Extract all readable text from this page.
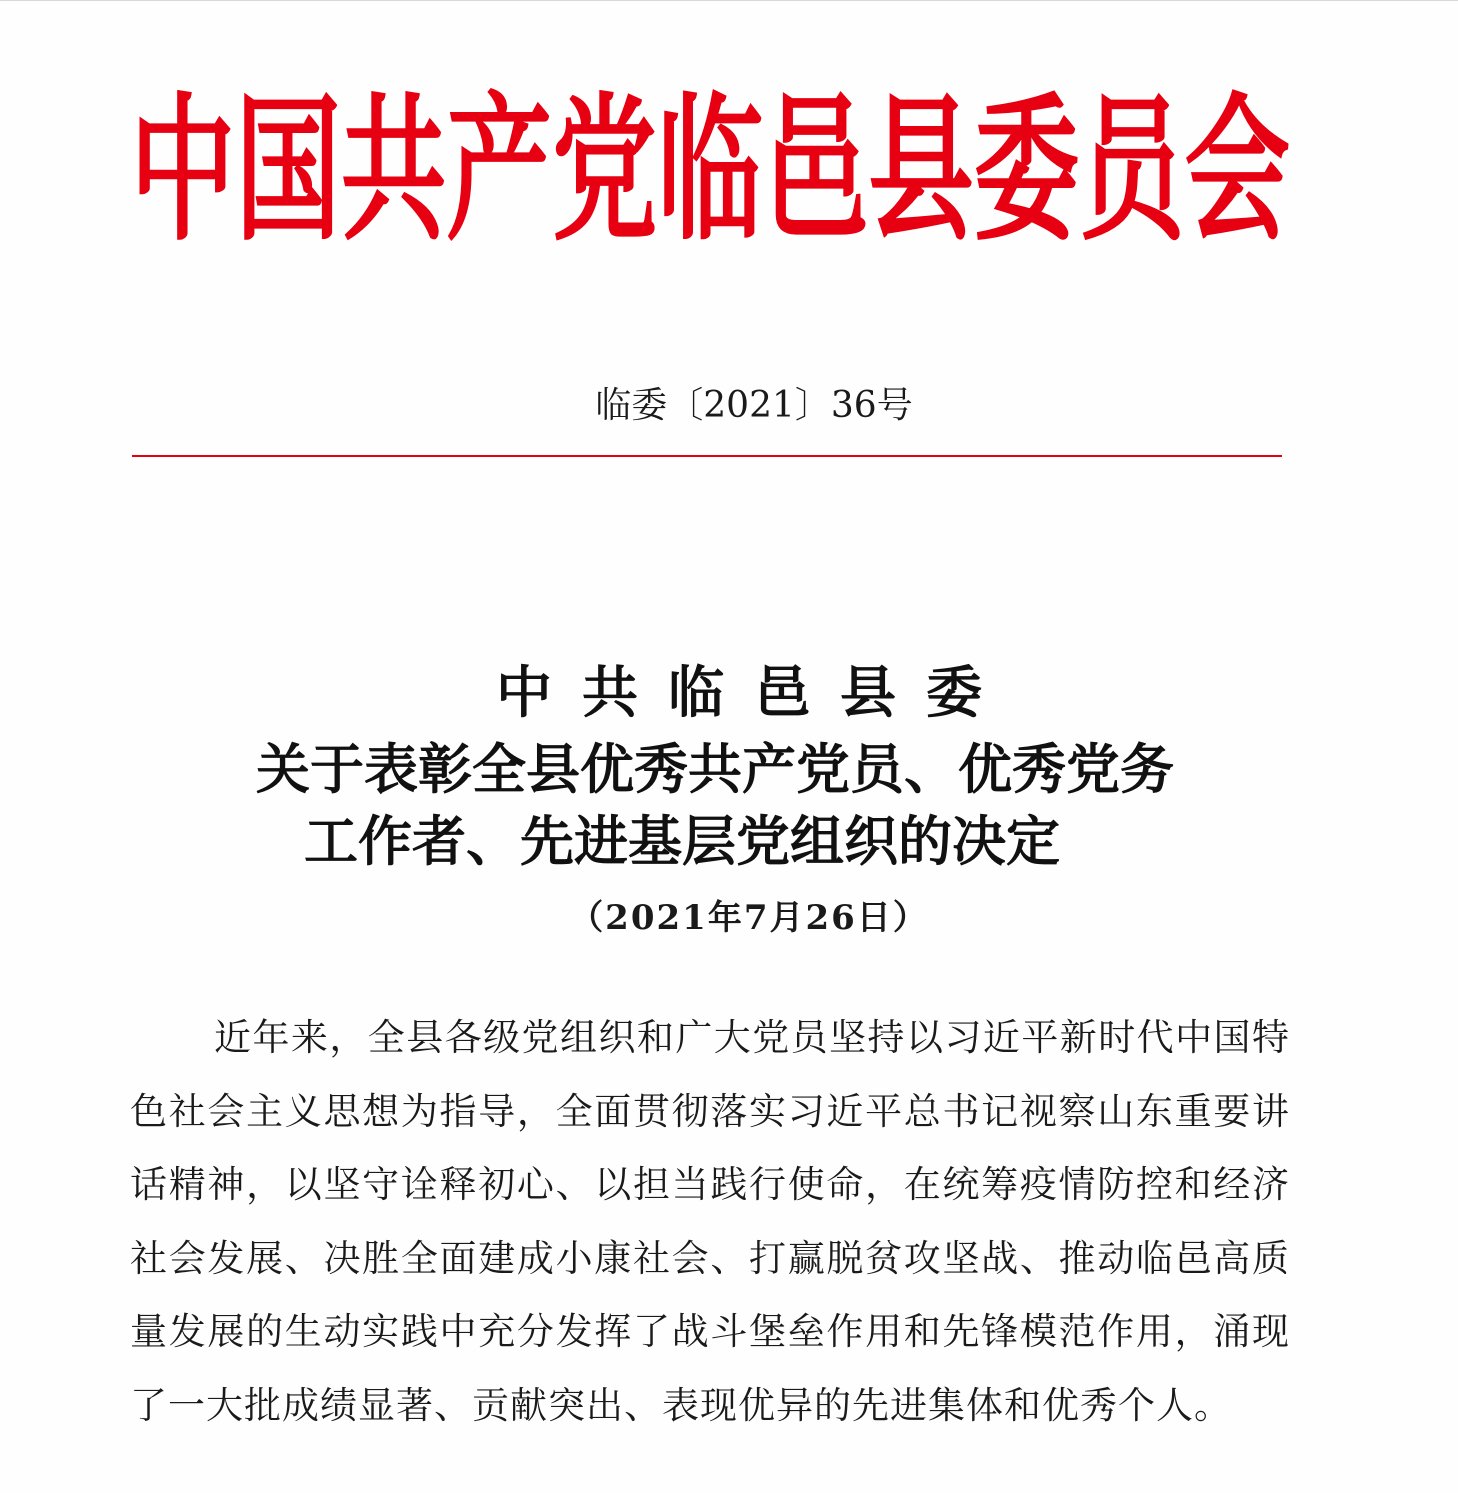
中国共产党临邑县委员会
临委〔2021〕36号
中共临邑县委
关于表彰全县优秀共产党员、优秀党务
工作者、先进基层党组织的决定
（2021年7月26日）
近年来，全县各级党组织和广大党员坚持以习近平新时代中国特色社会主义思想为指导，全面贯彻落实习近平总书记视察山东重要讲话精神，以坚守诠释初心、以担当践行使命，在统筹疫情防控和经济社会发展、决胜全面建成小康社会、打赢脱贫攻坚战、推动临邑高质量发展的生动实践中充分发挥了战斗堡垒作用和先锋模范作用，涌现了一大批成绩显著、贡献突出、表现优异的先进集体和优秀个人。
